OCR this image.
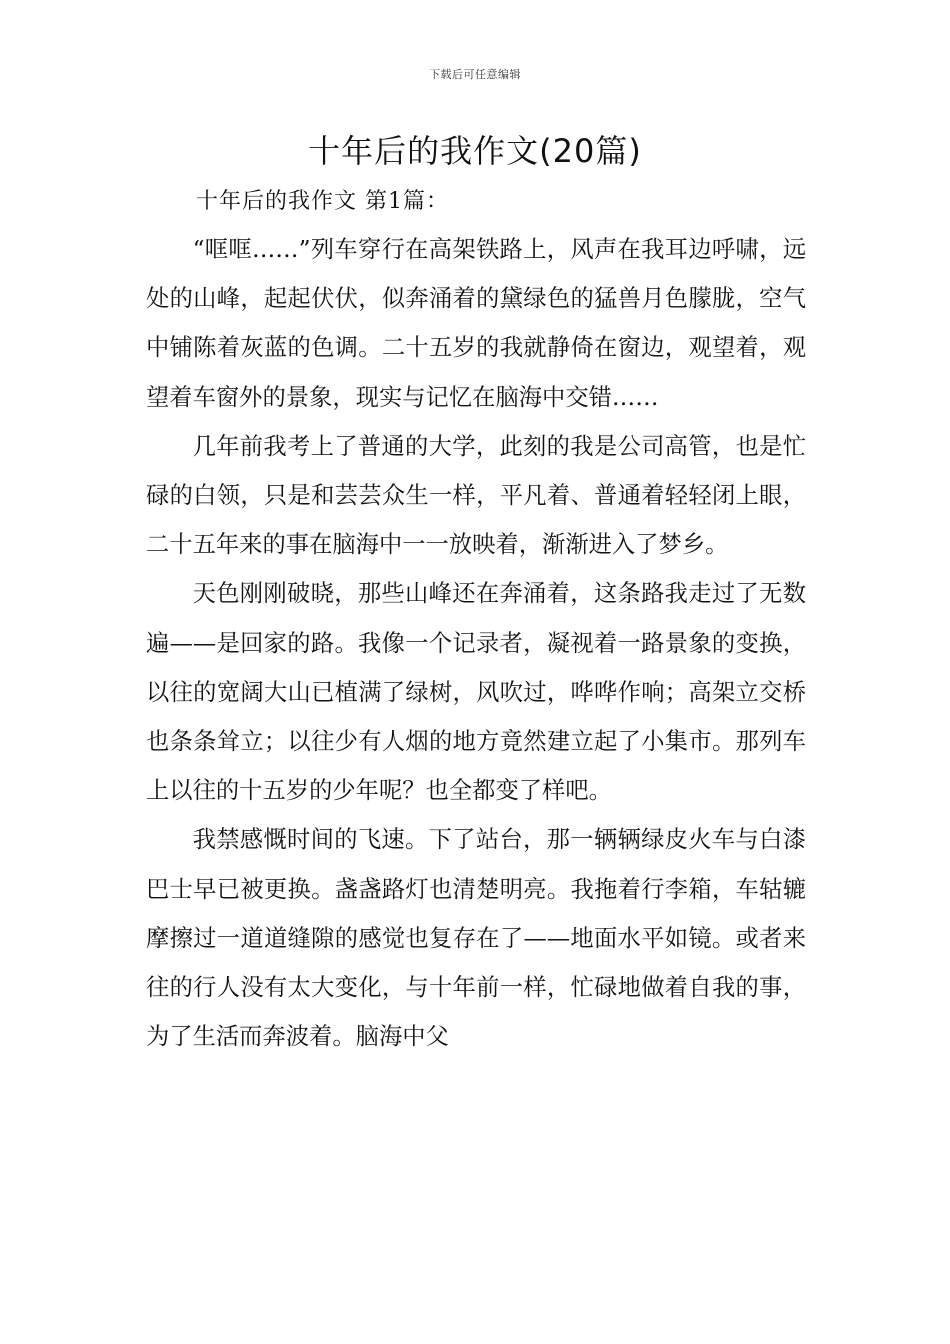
下载后可任意编辑
十年后的我作文(20篇)
十年后的我作文 第1篇：

“哐哐……”列车穿行在高架铁路上，风声在我耳边呼啸，远处的山峰，起起伏伏，似奔涌着的黛绿色的猛兽月色朦胧，空气中铺陈着灰蓝的色调。二十五岁的我就静倚在窗边，观望着，观望着车窗外的景象，现实与记忆在脑海中交错……

几年前我考上了普通的大学，此刻的我是公司高管，也是忙碌的白领，只是和芸芸众生一样，平凡着、普通着轻轻闭上眼，二十五年来的事在脑海中一一放映着，渐渐进入了梦乡。

天色刚刚破晓，那些山峰还在奔涌着，这条路我走过了无数遍——是回家的路。我像一个记录者，凝视着一路景象的变换，以往的宽阔大山已植满了绿树，风吹过，哗哗作响；高架立交桥也条条耸立；以往少有人烟的地方竟然建立起了小集市。那列车上以往的十五岁的少年呢？也全都变了样吧。

我禁感慨时间的飞速。下了站台，那一辆辆绿皮火车与白漆巴士早已被更换。盏盏路灯也清楚明亮。我拖着行李箱，车轱辘摩擦过一道道缝隙的感觉也复存在了——地面水平如镜。或者来往的行人没有太大变化，与十年前一样，忙碌地做着自我的事，为了生活而奔波着。脑海中父
